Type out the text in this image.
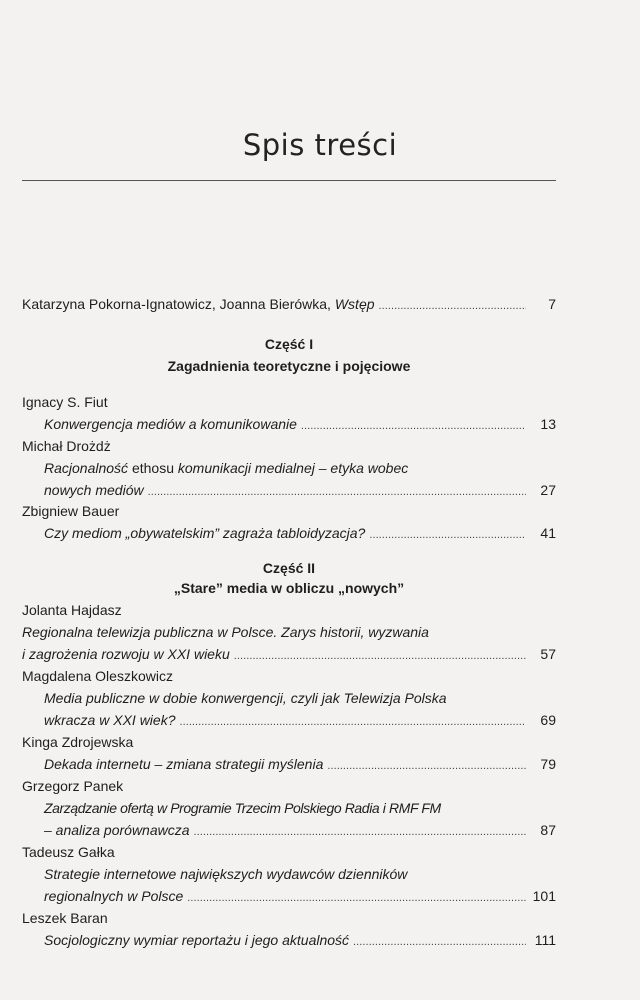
Spis treści
Katarzyna Pokorna-Ignatowicz, Joanna Bierówka, Wstęp . . .	7
Część I
Zagadnienia teoretyczne i pojęciowe
Ignacy S. Fiut
Konwergencja mediów a komunikowanie . . .	13
Michał Drożdż
Racjonalność ethosu komunikacji medialnej – etyka wobec
nowych mediów . . .	27
Zbigniew Bauer
Czy mediom „obywatelskim” zagraża tabloidyzacja? . . .	41
Część II
„Stare” media w obliczu „nowych”
Jolanta Hajdasz
Regionalna telewizja publiczna w Polsce. Zarys historii, wyzwania
i zagrożenia rozwoju w XXI wieku . . .	57
Magdalena Oleszkowicz
Media publiczne w dobie konwergencji, czyli jak Telewizja Polska
wkracza w XXI wiek? . . .	69
Kinga Zdrojewska
Dekada internetu – zmiana strategii myślenia . . .	79
Grzegorz Panek
Zarządzanie ofertą w Programie Trzecim Polskiego Radia i RMF FM
– analiza porównawcza . . .	87
Tadeusz Gałka
Strategie internetowe największych wydawców dzienników
regionalnych w Polsce . . .	101
Leszek Baran
Socjologiczny wymiar reportażu i jego aktualność . . .	111
